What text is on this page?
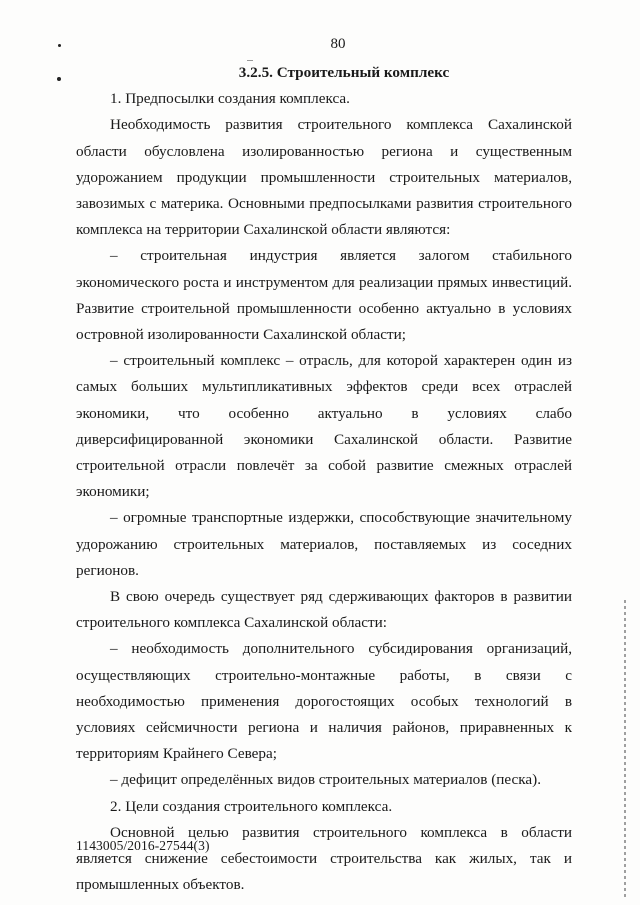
80

3.2.5. Строительный комплекс

1. Предпосылки создания комплекса.

Необходимость развития строительного комплекса Сахалинской области обусловлена изолированностью региона и существенным удорожанием продукции промышленности строительных материалов, завозимых с материка. Основными предпосылками развития строительного комплекса на территории Сахалинской области являются:

– строительная индустрия является залогом стабильного экономического роста и инструментом для реализации прямых инвестиций. Развитие строительной промышленности особенно актуально в условиях островной изолированности Сахалинской области;

– строительный комплекс – отрасль, для которой характерен один из самых больших мультипликативных эффектов среди всех отраслей экономики, что особенно актуально в условиях слабо диверсифицированной экономики Сахалинской области. Развитие строительной отрасли повлечёт за собой развитие смежных отраслей экономики;

– огромные транспортные издержки, способствующие значительному удорожанию строительных материалов, поставляемых из соседних регионов.

В свою очередь существует ряд сдерживающих факторов в развитии строительного комплекса Сахалинской области:

– необходимость дополнительного субсидирования организаций, осуществляющих строительно-монтажные работы, в связи с необходимостью применения дорогостоящих особых технологий в условиях сейсмичности региона и наличия районов, приравненных к территориям Крайнего Севера;

– дефицит определённых видов строительных материалов (песка).

2. Цели создания строительного комплекса.

Основной целью развития строительного комплекса в области является снижение себестоимости строительства как жилых, так и промышленных объектов.

1143005/2016-27544(3)
